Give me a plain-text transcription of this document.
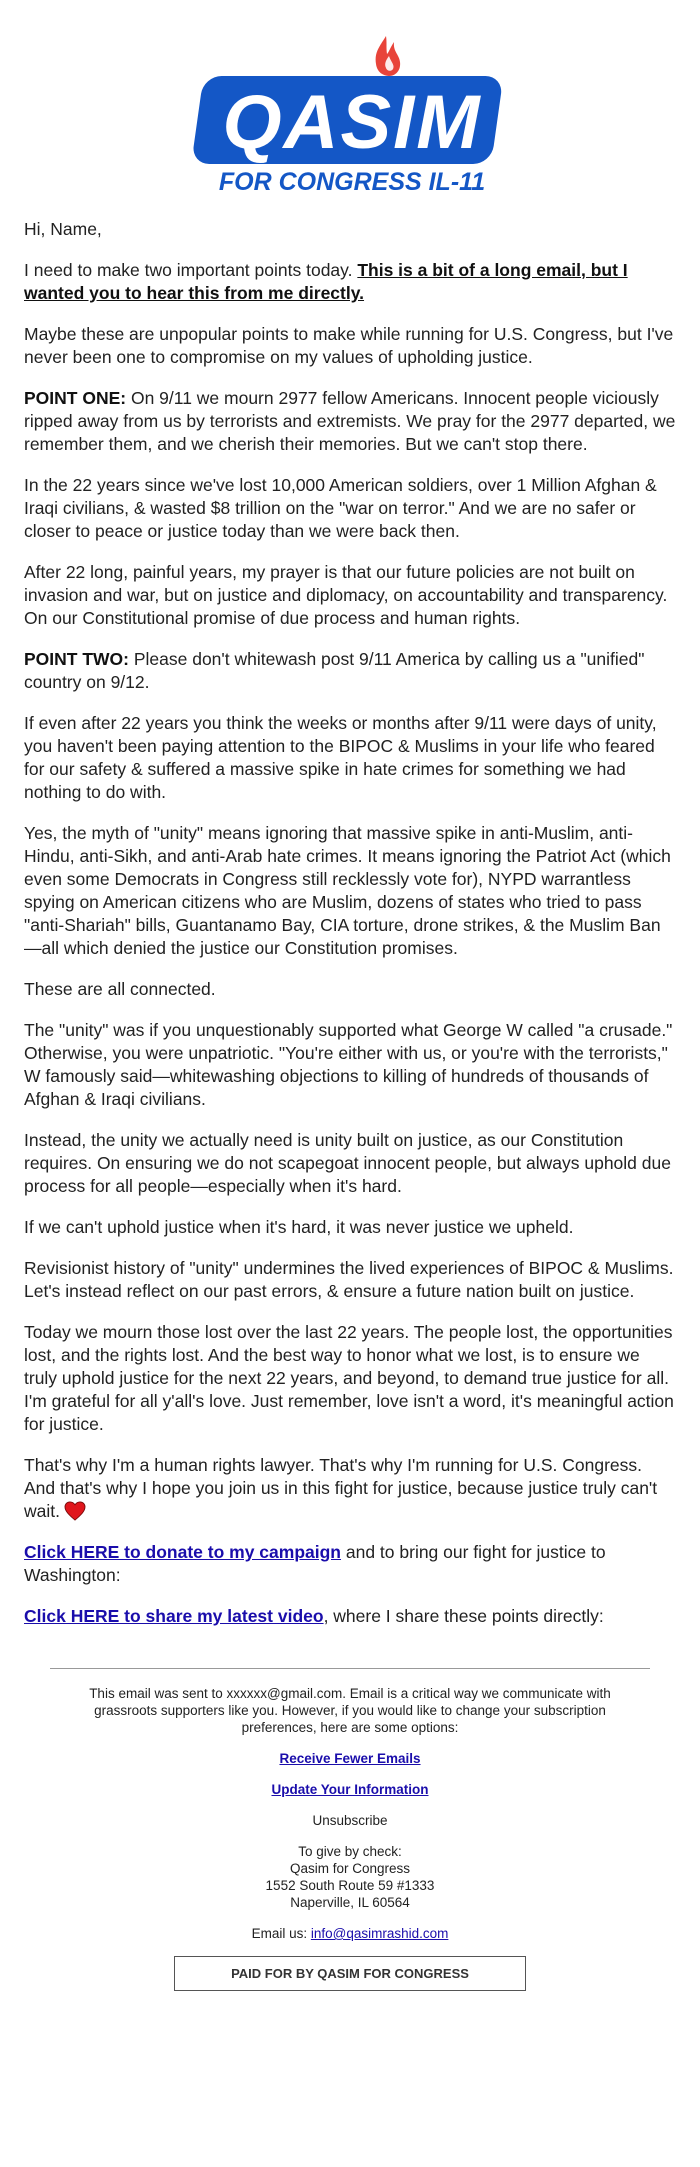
QASIM
FOR CONGRESS IL-11

Hi, Name,

I need to make two important points today. This is a bit of a long email, but I wanted you to hear this from me directly.

Maybe these are unpopular points to make while running for U.S. Congress, but I've never been one to compromise on my values of upholding justice.

POINT ONE: On 9/11 we mourn 2977 fellow Americans. Innocent people viciously ripped away from us by terrorists and extremists. We pray for the 2977 departed, we remember them, and we cherish their memories. But we can't stop there.

In the 22 years since we've lost 10,000 American soldiers, over 1 Million Afghan & Iraqi civilians, & wasted $8 trillion on the "war on terror." And we are no safer or closer to peace or justice today than we were back then.

After 22 long, painful years, my prayer is that our future policies are not built on invasion and war, but on justice and diplomacy, on accountability and transparency. On our Constitutional promise of due process and human rights.

POINT TWO: Please don't whitewash post 9/11 America by calling us a "unified" country on 9/12.

If even after 22 years you think the weeks or months after 9/11 were days of unity, you haven't been paying attention to the BIPOC & Muslims in your life who feared for our safety & suffered a massive spike in hate crimes for something we had nothing to do with.

Yes, the myth of "unity" means ignoring that massive spike in anti-Muslim, anti-Hindu, anti-Sikh, and anti-Arab hate crimes. It means ignoring the Patriot Act (which even some Democrats in Congress still recklessly vote for), NYPD warrantless spying on American citizens who are Muslim, dozens of states who tried to pass "anti-Shariah" bills, Guantanamo Bay, CIA torture, drone strikes, & the Muslim Ban—all which denied the justice our Constitution promises.

These are all connected.

The "unity" was if you unquestionably supported what George W called "a crusade." Otherwise, you were unpatriotic. "You're either with us, or you're with the terrorists," W famously said—whitewashing objections to killing of hundreds of thousands of Afghan & Iraqi civilians.

Instead, the unity we actually need is unity built on justice, as our Constitution requires. On ensuring we do not scapegoat innocent people, but always uphold due process for all people—especially when it's hard.

If we can't uphold justice when it's hard, it was never justice we upheld.

Revisionist history of "unity" undermines the lived experiences of BIPOC & Muslims. Let's instead reflect on our past errors, & ensure a future nation built on justice.

Today we mourn those lost over the last 22 years. The people lost, the opportunities lost, and the rights lost. And the best way to honor what we lost, is to ensure we truly uphold justice for the next 22 years, and beyond, to demand true justice for all. I'm grateful for all y'all's love. Just remember, love isn't a word, it's meaningful action for justice.

That's why I'm a human rights lawyer. That's why I'm running for U.S. Congress. And that's why I hope you join us in this fight for justice, because justice truly can't wait.

Click HERE to donate to my campaign and to bring our fight for justice to Washington:

Click HERE to share my latest video, where I share these points directly:

This email was sent to xxxxxx@gmail.com. Email is a critical way we communicate with grassroots supporters like you. However, if you would like to change your subscription preferences, here are some options:

Receive Fewer Emails

Update Your Information

Unsubscribe

To give by check:
Qasim for Congress
1552 South Route 59 #1333
Naperville, IL 60564

Email us: info@qasimrashid.com

PAID FOR BY QASIM FOR CONGRESS
